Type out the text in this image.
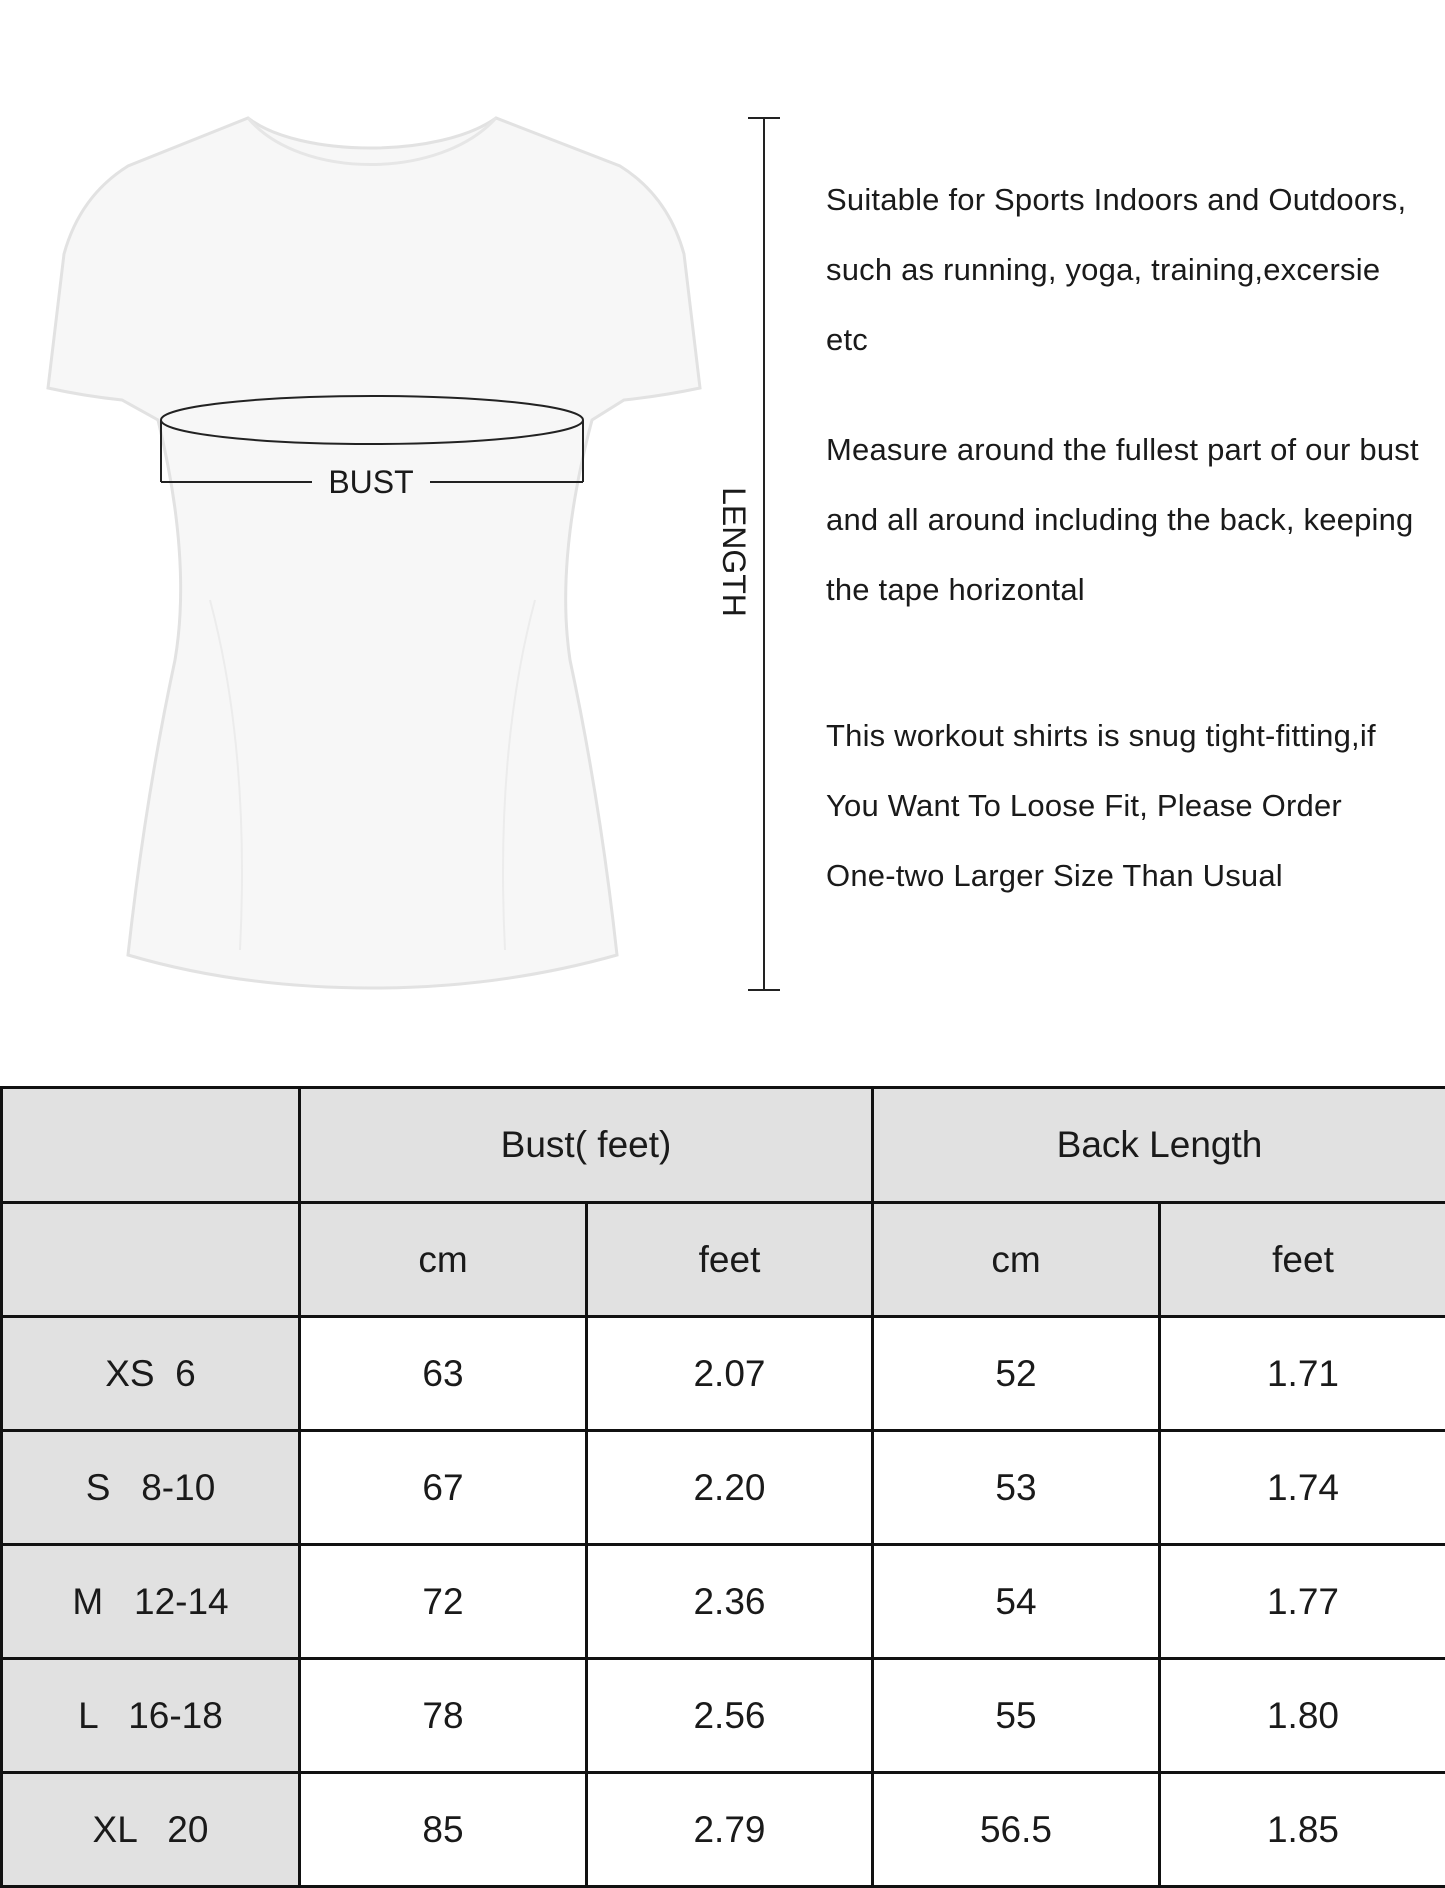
BUST
LENGTH
Suitable for Sports Indoors and Outdoors,
such as running, yoga, training,excersie
etc
Measure around the fullest part of our bust
and all around including the back, keeping
the tape horizontal
This workout shirts is snug tight-fitting,if
You Want To Loose Fit, Please Order
One-two Larger Size Than Usual
	Bust( feet)		Back Length	
	cm	feet	cm	feet
XS  6	63	2.07	52	1.71
S   8-10	67	2.20	53	1.74
M   12-14	72	2.36	54	1.77
L   16-18	78	2.56	55	1.80
XL   20	85	2.79	56.5	1.85
